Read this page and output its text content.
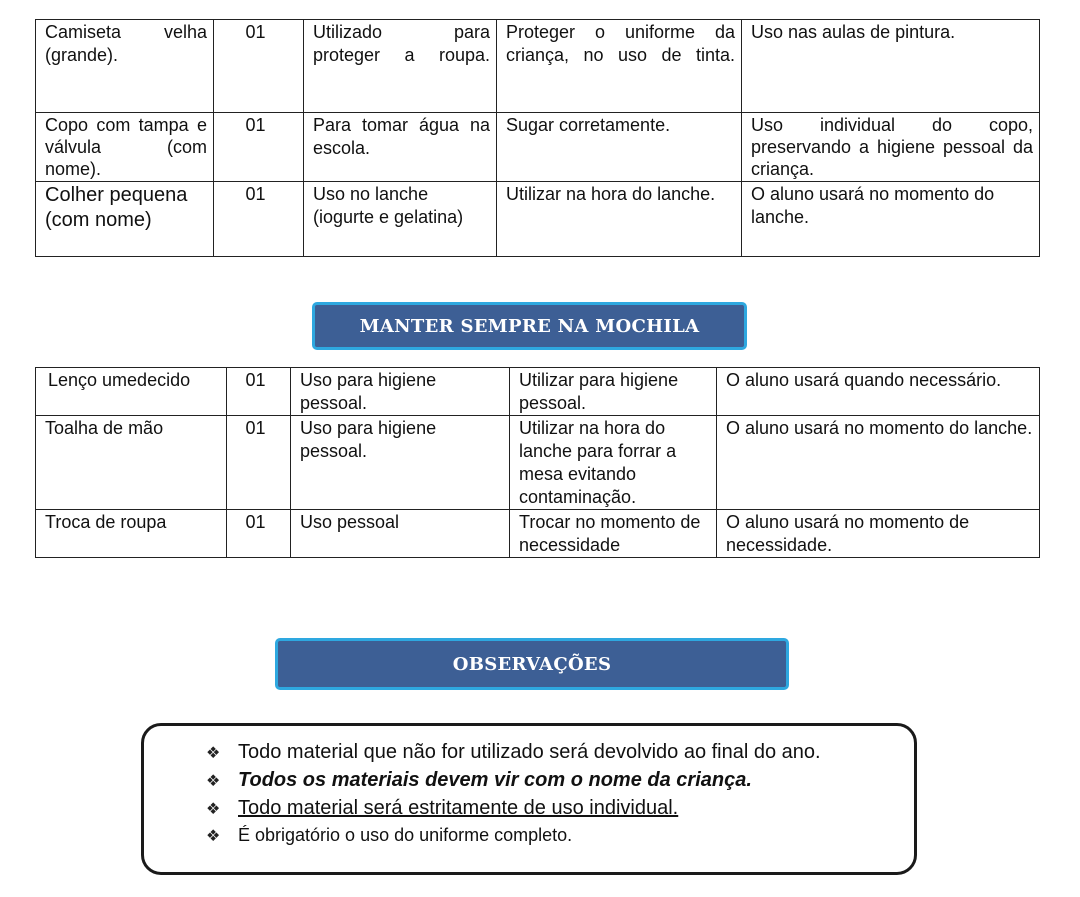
Camiseta velha (grande).	01	Utilizado para proteger a roupa.	Proteger o uniforme da criança, no uso de tinta.	Uso nas aulas de pintura.
Copo com tampa e válvula (com nome).	01	Para tomar água na escola.	Sugar corretamente.	Uso individual do copo, preservando a higiene pessoal da criança.
Colher pequena (com nome)	01	Uso no lanche (iogurte e gelatina)	Utilizar na hora do lanche.	O aluno usará no momento do lanche.
MANTER SEMPRE NA MOCHILA
Lenço umedecido	01	Uso para higiene pessoal.	Utilizar para higiene pessoal.	O aluno usará quando necessário.
Toalha de mão	01	Uso para higiene pessoal.	Utilizar na hora do lanche para forrar a mesa evitando contaminação.	O aluno usará no momento do lanche.
Troca de roupa	01	Uso pessoal	Trocar no momento de necessidade	O aluno usará no momento de necessidade.
OBSERVAÇÕES
❖ Todo material que não for utilizado será devolvido ao final do ano.
❖ Todos os materiais devem vir com o nome da criança.
❖ Todo material será estritamente de uso individual.
❖ É obrigatório o uso do uniforme completo.
